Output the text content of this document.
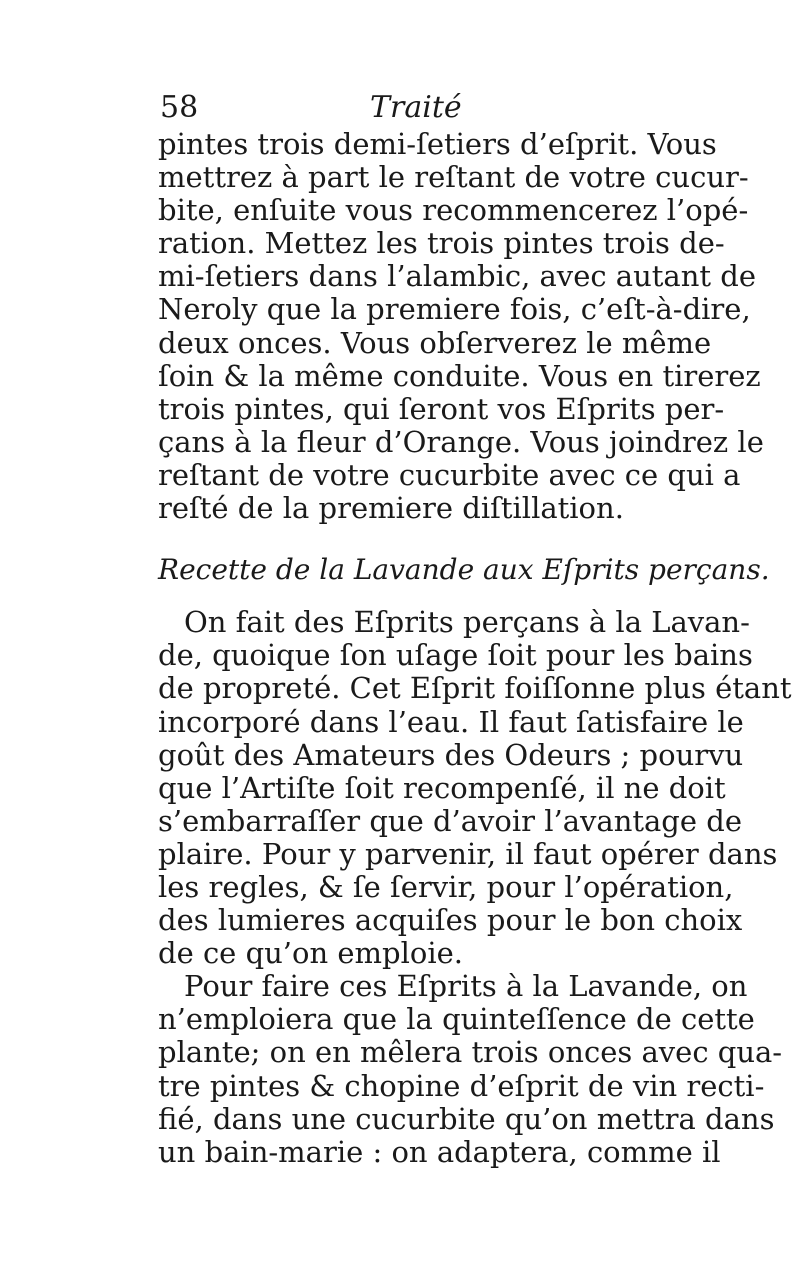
58	Traité
pintes trois demi-ſetiers d’eſprit. Vous
mettrez à part le reſtant de votre cucur-
bite, enſuite vous recommencerez l’opé-
ration. Mettez les trois pintes trois de-
mi-ſetiers dans l’alambic, avec autant de
Neroly que la premiere fois, c’eſt-à-dire,
deux onces. Vous obſerverez le même
ſoin & la même conduite. Vous en tirerez
trois pintes, qui ſeront vos Eſprits per-
çans à la fleur d’Orange. Vous joindrez le
reſtant de votre cucurbite avec ce qui a
reſté de la premiere diſtillation.
Recette de la Lavande aux Eſprits perçans.
On fait des Eſprits perçans à la Lavan-
de, quoique ſon uſage ſoit pour les bains
de propreté. Cet Eſprit foiſſonne plus étant
incorporé dans l’eau. Il faut ſatisfaire le
goût des Amateurs des Odeurs ; pourvu
que l’Artiſte ſoit recompenſé, il ne doit
s’embarraſſer que d’avoir l’avantage de
plaire. Pour y parvenir, il faut opérer dans
les regles, & ſe ſervir, pour l’opération,
des lumieres acquiſes pour le bon choix
de ce qu’on emploie.
Pour faire ces Eſprits à la Lavande, on
n’emploiera que la quinteſſence de cette
plante; on en mêlera trois onces avec qua-
tre pintes & chopine d’eſprit de vin recti-
fié, dans une cucurbite qu’on mettra dans
un bain-marie : on adaptera, comme il
